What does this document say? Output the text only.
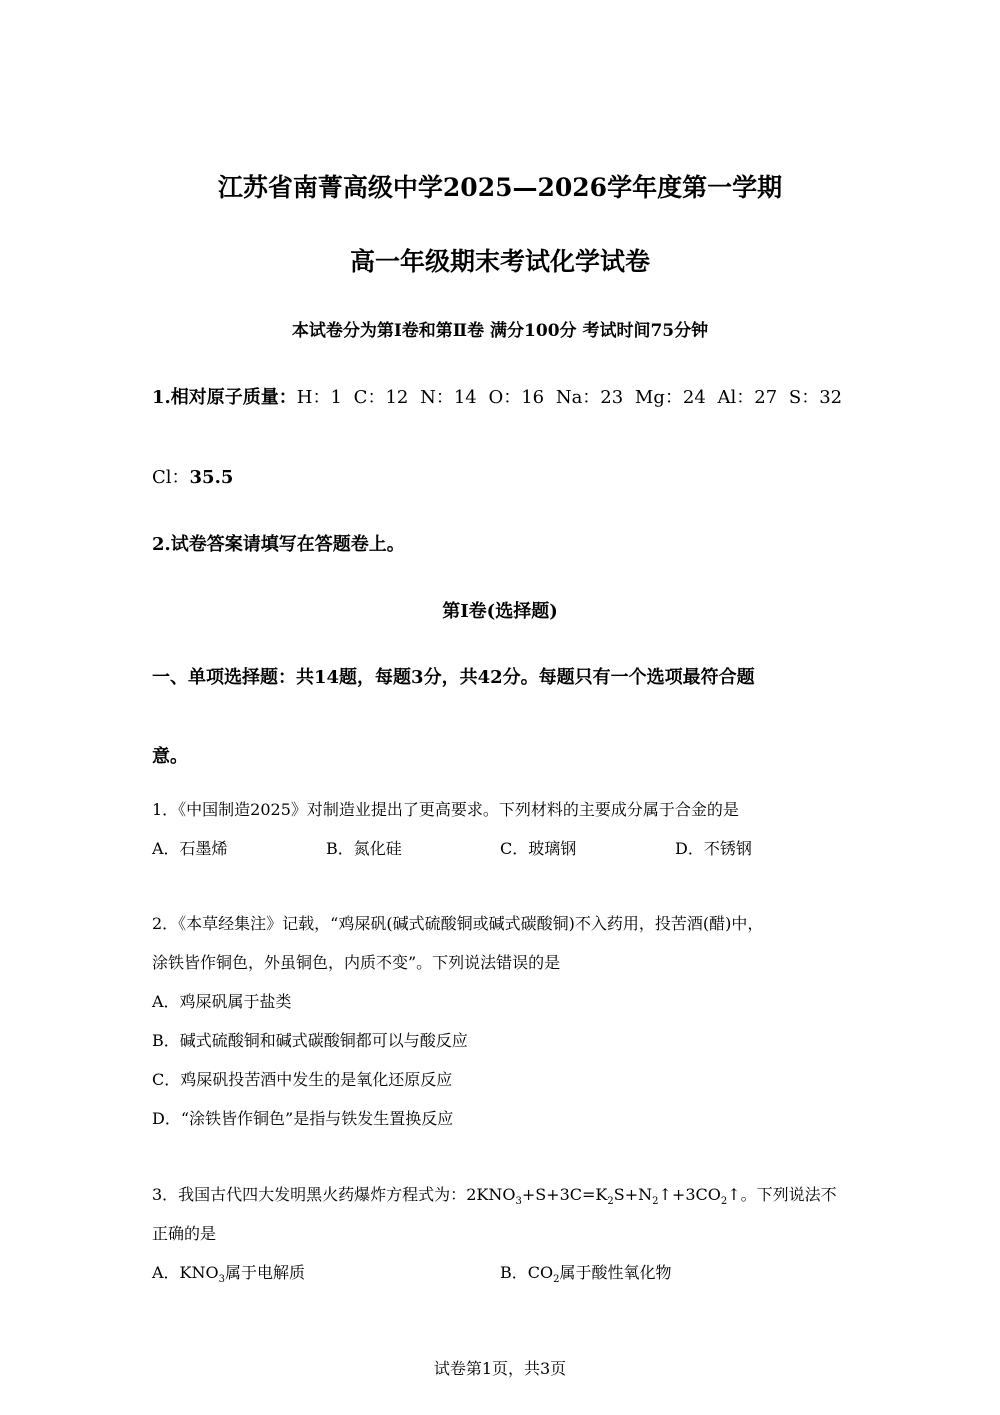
江苏省南菁高级中学2025—2026学年度第一学期
高一年级期末考试化学试卷
本试卷分为第Ⅰ卷和第Ⅱ卷 满分100分 考试时间75分钟
1.相对原子质量：H：1 C：12 N：14 O：16 Na：23 Mg：24 Al：27 S：32
Cl：35.5
2.试卷答案请填写在答题卷上。
第Ⅰ卷(选择题)
一、单项选择题：共14题，每题3分，共42分。每题只有一个选项最符合题
意。
1．《中国制造2025》对制造业提出了更高要求。下列材料的主要成分属于合金的是
A．石墨烯	B．氮化硅	C．玻璃钢	D．不锈钢
2．《本草经集注》记载，“鸡屎矾(碱式硫酸铜或碱式碳酸铜)不入药用，投苦酒(醋)中，
涂铁皆作铜色，外虽铜色，内质不变”。下列说法错误的是
A．鸡屎矾属于盐类
B．碱式硫酸铜和碱式碳酸铜都可以与酸反应
C．鸡屎矾投苦酒中发生的是氧化还原反应
D．“涂铁皆作铜色”是指与铁发生置换反应
3．我国古代四大发明黑火药爆炸方程式为：$2KNO_3+S+3C=K_2S+N_2↑+3CO_2↑$。下列说法不
正确的是
A．$KNO_3$属于电解质	B．$CO_2$属于酸性氧化物
试卷第1页，共3页
